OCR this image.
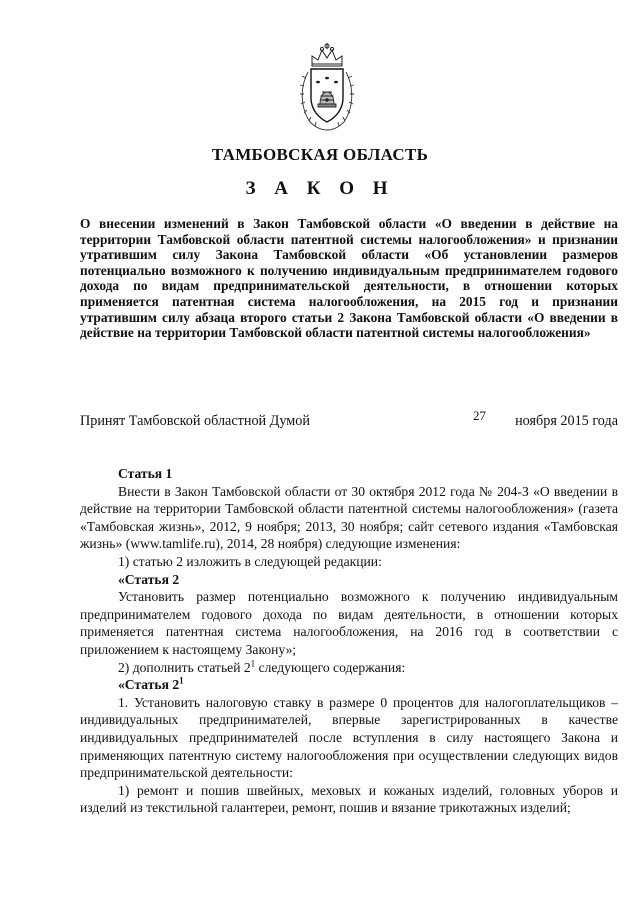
ТАМБОВСКАЯ ОБЛАСТЬ
З А К О Н
О внесении изменений в Закон Тамбовской области «О введении в действие на территории Тамбовской области патентной системы налогообложения» и признании утратившим силу Закона Тамбовской области «Об установлении размеров потенциально возможного к получению индивидуальным предпринимателем годового дохода по видам предпринимательской деятельности, в отношении которых применяется патентная система налогообложения, на 2015 год и признании утратившим силу абзаца второго статьи 2 Закона Тамбовской области «О введении в действие на территории Тамбовской области патентной системы налогообложения»
Принят Тамбовской областной Думой	27 ноября 2015 года

Статья 1

Внести в Закон Тамбовской области от 30 октября 2012 года № 204-З «О введении в действие на территории Тамбовской области патентной системы налогообложения» (газета «Тамбовская жизнь», 2012, 9 ноября; 2013, 30 ноября; сайт сетевого издания «Тамбовская жизнь» (www.tamlife.ru), 2014, 28 ноября) следующие изменения:

1) статью 2 изложить в следующей редакции:

«Статья 2

Установить размер потенциально возможного к получению индивидуальным предпринимателем годового дохода по видам деятельности, в отношении которых применяется патентная система налогообложения, на 2016 год в соответствии с приложением к настоящему Закону»;

2) дополнить статьей $2^1$ следующего содержания:

«Статья $2^1$

1. Установить налоговую ставку в размере 0 процентов для налогоплательщиков – индивидуальных предпринимателей, впервые зарегистрированных в качестве индивидуальных предпринимателей после вступления в силу настоящего Закона и применяющих патентную систему налогообложения при осуществлении следующих видов предпринимательской деятельности:

1) ремонт и пошив швейных, меховых и кожаных изделий, головных уборов и изделий из текстильной галантереи, ремонт, пошив и вязание трикотажных изделий;
